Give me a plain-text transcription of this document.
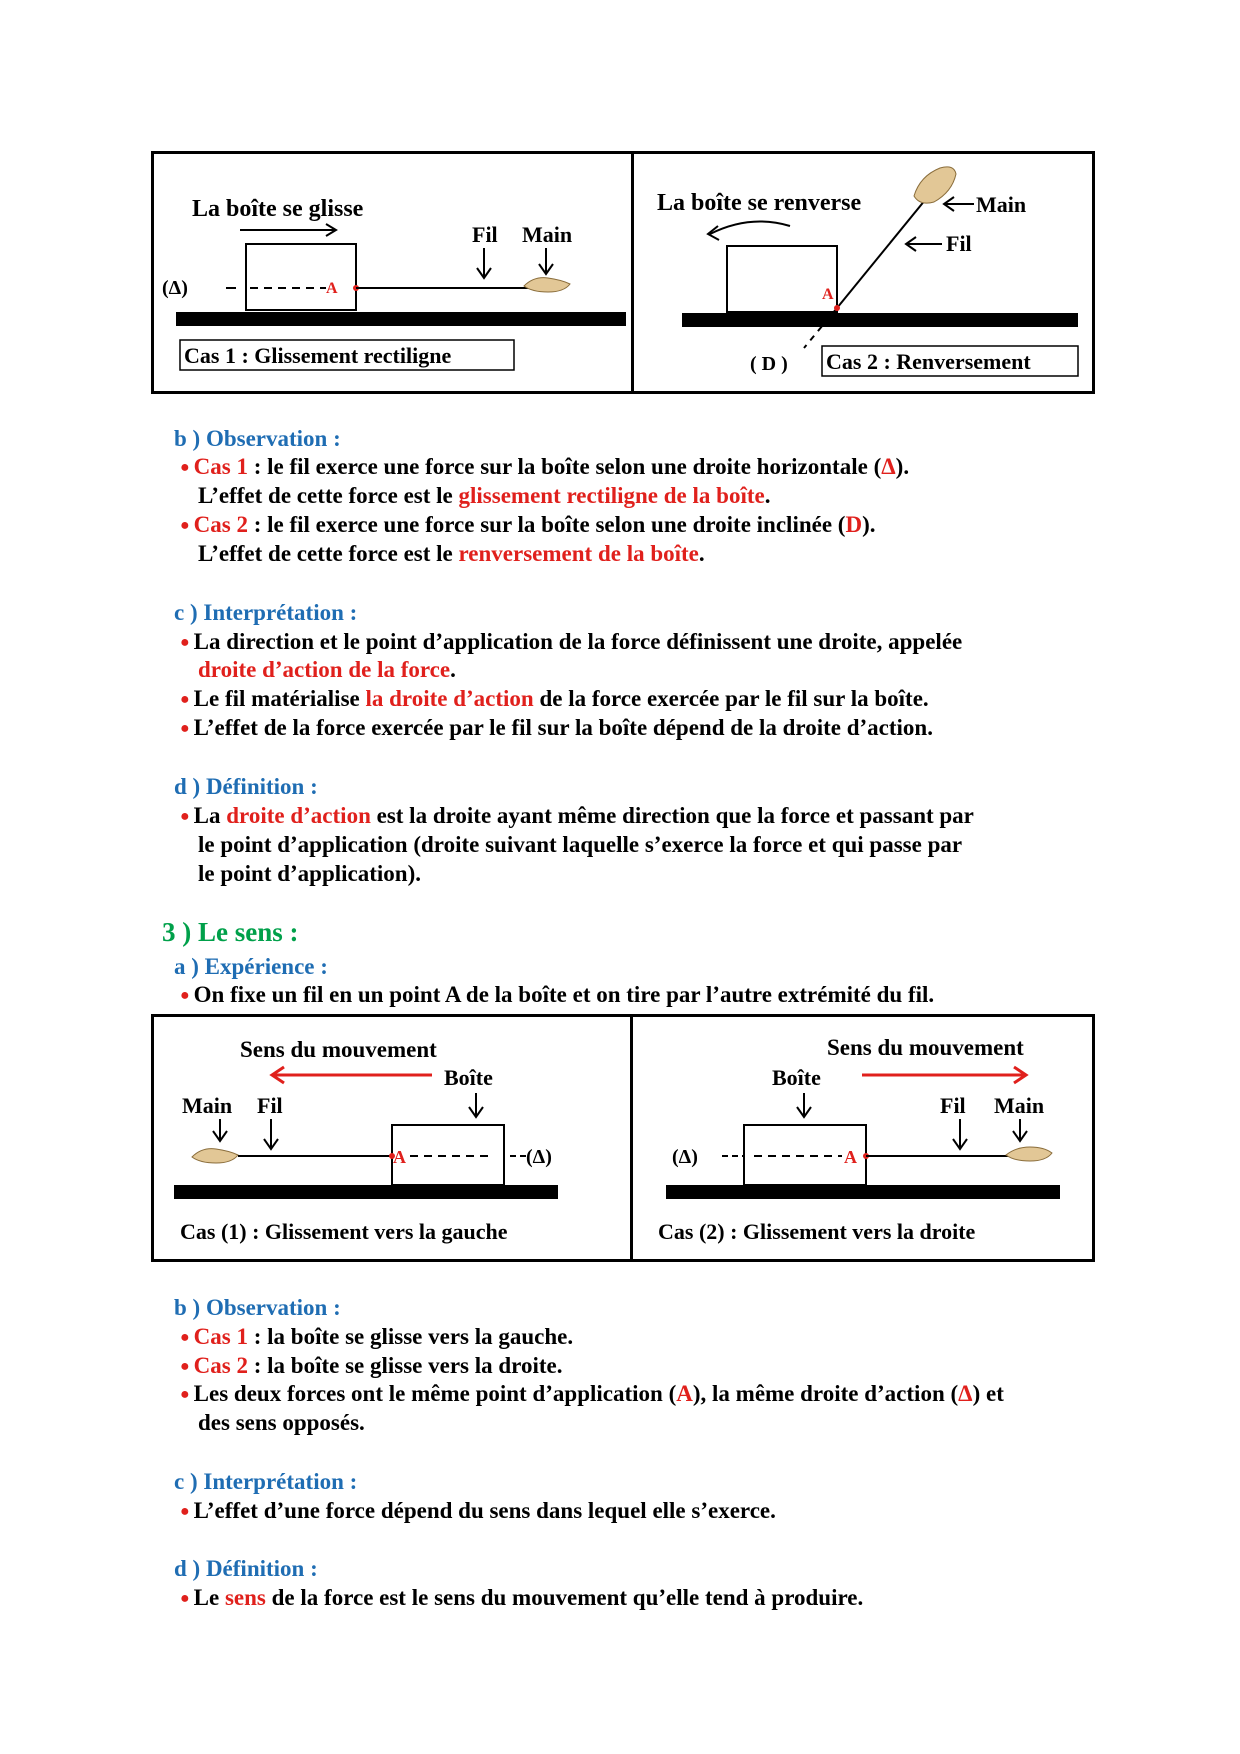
La boîte se glisse
(Δ)	A
Fil Main
Cas 1 : Glissement rectiligne
La boîte se renverse
A
Main
Fil
( D ) Cas 2 : Renversement
b ) Observation :
● Cas 1 : le fil exerce une force sur la boîte selon une droite horizontale (Δ).
L’effet de cette force est le glissement rectiligne de la boîte.
● Cas 2 : le fil exerce une force sur la boîte selon une droite inclinée (D).
L’effet de cette force est le renversement de la boîte.
c ) Interprétation :
● La direction et le point d’application de la force définissent une droite, appelée
droite d’action de la force.
● Le fil matérialise la droite d’action de la force exercée par le fil sur la boîte.
● L’effet de la force exercée par le fil sur la boîte dépend de la droite d’action.
d ) Définition :
● La droite d’action est la droite ayant même direction que la force et passant par
le point d’application (droite suivant laquelle s’exerce la force et qui passe par
le point d’application).
3 ) Le sens :
a ) Expérience :
● On fixe un fil en un point A de la boîte et on tire par l’autre extrémité du fil.
Sens du mouvement
Boîte
Main Fil
A	(Δ)
Cas (1) : Glissement vers la gauche
Sens du mouvement
Boîte
Fil Main
(Δ)	A
Cas (2) : Glissement vers la droite
b ) Observation :
● Cas 1 : la boîte se glisse vers la gauche.
● Cas 2 : la boîte se glisse vers la droite.
● Les deux forces ont le même point d’application (A), la même droite d’action (Δ) et
des sens opposés.
c ) Interprétation :
● L’effet d’une force dépend du sens dans lequel elle s’exerce.
d ) Définition :
● Le sens de la force est le sens du mouvement qu’elle tend à produire.
